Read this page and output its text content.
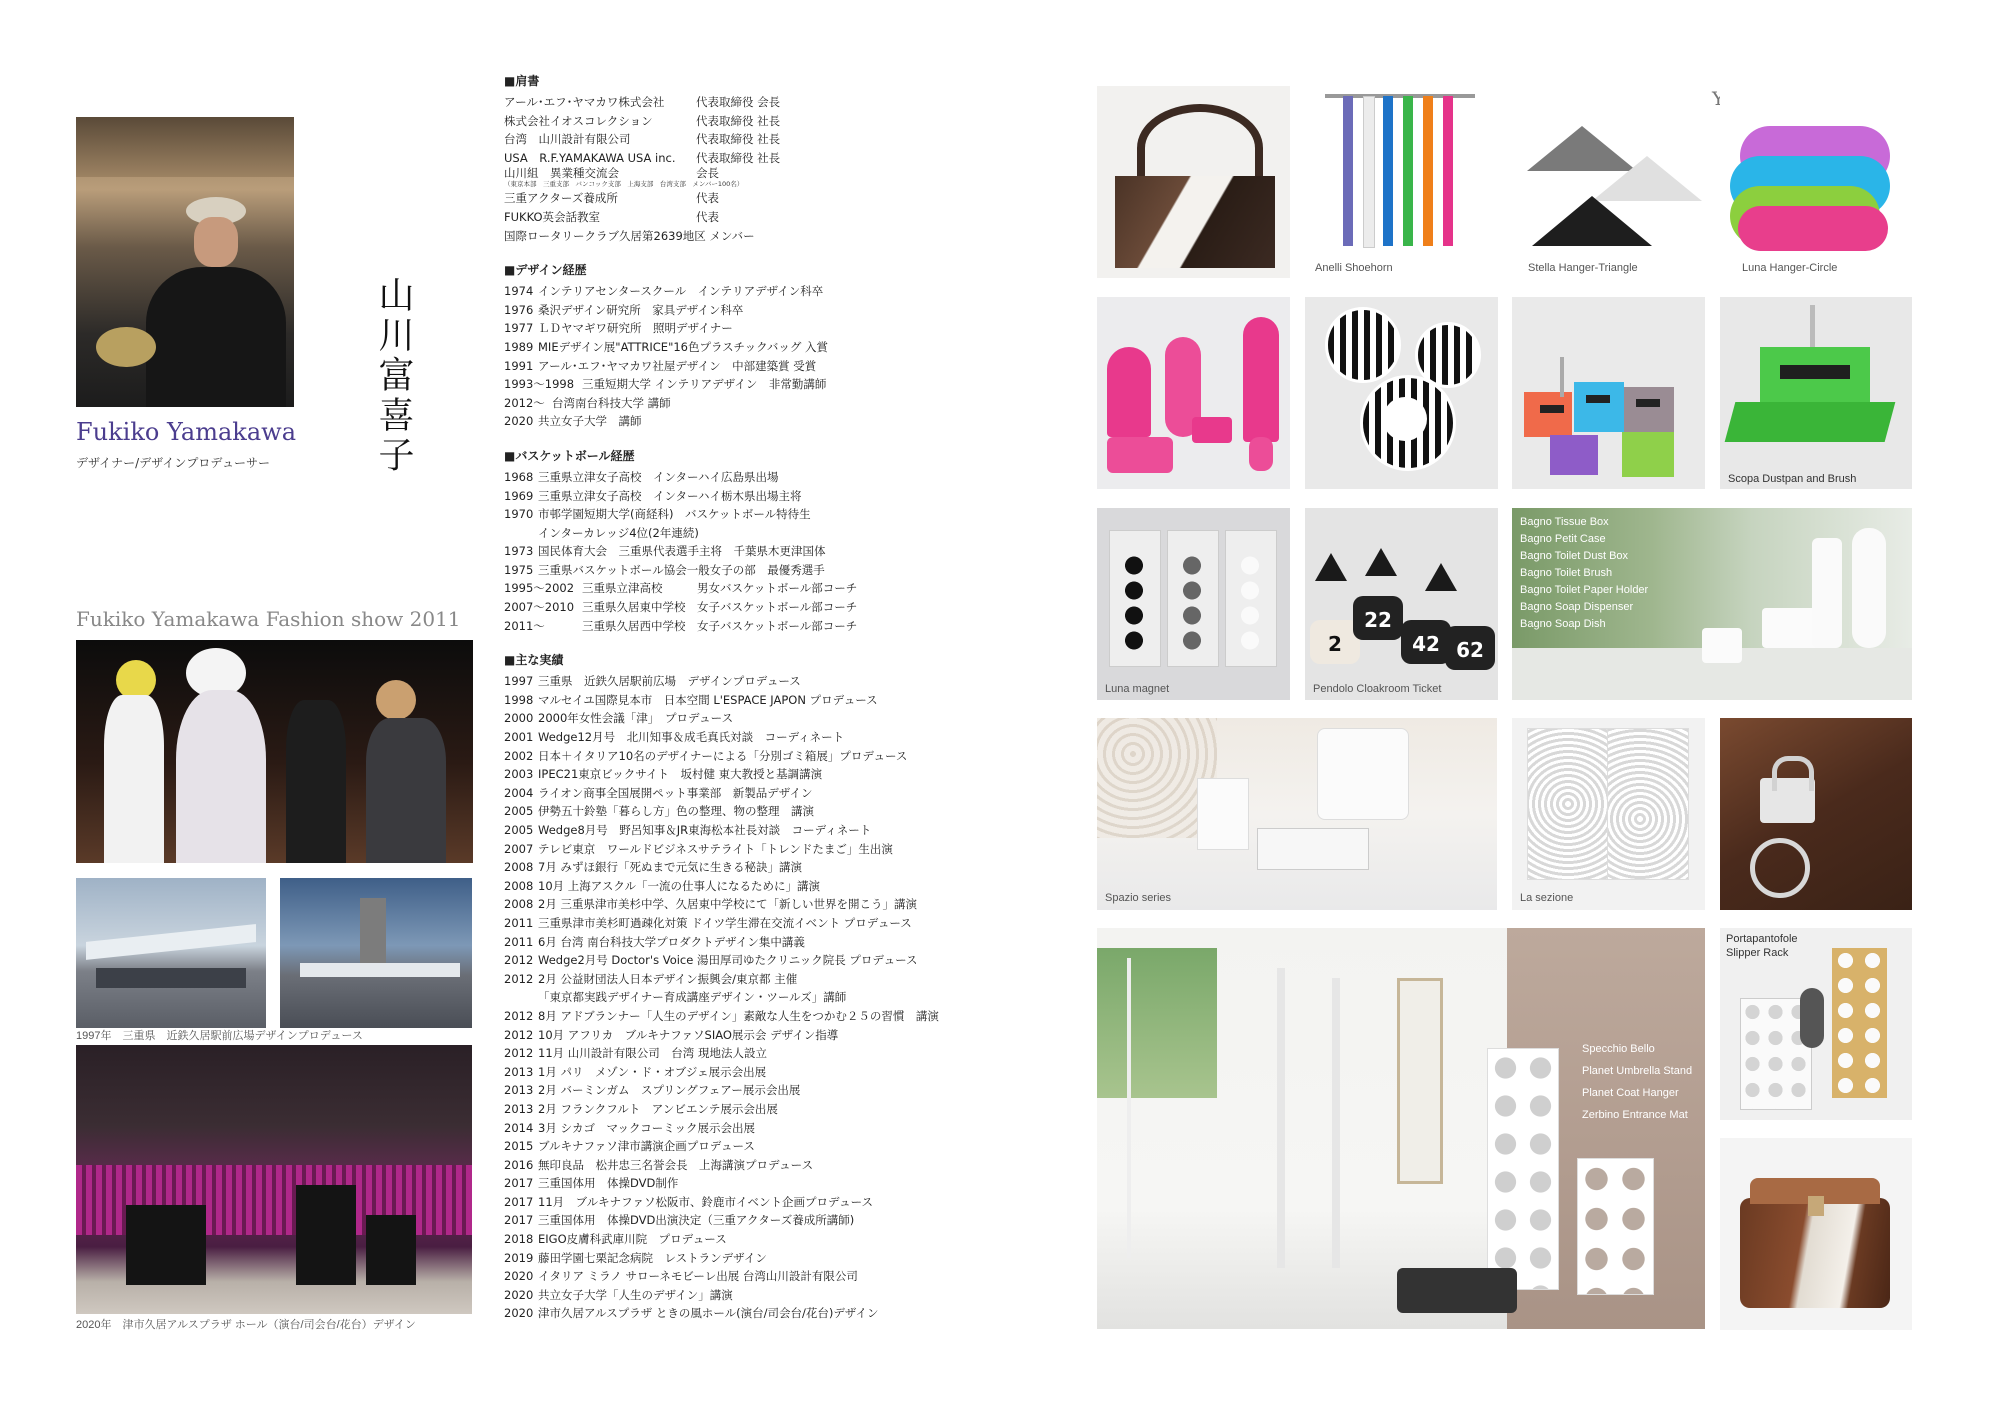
Fukiko Yamakawa
デザイナー/デザインプロデューサー	山川富喜子
Fukiko Yamakawa Fashion show 2011
1997年　三重県　近鉄久居駅前広場デザインプロデュース
2020年　津市久居アルスプラザ ホール（演台/司会台/花台）デザイン
■肩書
アール･エフ･ヤマカワ株式会社	代表取締役 会長
株式会社イオスコレクション	代表取締役 社長
台湾　山川設計有限公司	代表取締役 社長
USA　R.F.YAMAKAWA USA inc. 代表取締役 社長
山川組　異業種交流会	会長
（東京本部　三重支部　バンコック支部　上海支部　台湾支部　メンバー100名）
三重アクターズ養成所	代表
FUKKO英会話教室	代表
国際ロータリークラブ久居第2639地区 メンバー
■デザイン経歴
1974 インテリアセンタースクール　インテリアデザイン科卒
1976 桑沢デザイン研究所　家具デザイン科卒
1977 ＬＤヤマギワ研究所　照明デザイナー
1989 MIEデザイン展"ATTRICE"16色プラスチックバッグ 入賞
1991 アール･エフ･ヤマカワ社屋デザイン　中部建築賞 受賞
1993～1998 三重短期大学 インテリアデザイン　非常勤講師
2012～ 台湾南台科技大学 講師
2020 共立女子大学　講師
■バスケットボール経歴
1968 三重県立津女子高校　インターハイ広島県出場
1969 三重県立津女子高校　インターハイ栃木県出場主将
1970 市邨学園短期大学(商経科)　バスケットボール特待生
インターカレッジ4位(2年連続)
1973 国民体育大会　三重県代表選手主将　千葉県木更津国体
1975 三重県バスケットボール協会一般女子の部　最優秀選手
1995～2002 三重県立津高校　　　男女バスケットボール部コーチ
2007～2010 三重県久居東中学校　女子バスケットボール部コーチ
2011～	三重県久居西中学校　女子バスケットボール部コーチ
■主な実績
1997 三重県　近鉄久居駅前広場　デザインプロデュース
1998 マルセイユ国際見本市　日本空間 L'ESPACE JAPON プロデュース
2000 2000年女性会議「津」　プロデュース
2001 Wedge12月号　北川知事＆成毛真氏対談　コーディネート
2002 日本＋イタリア10名のデザイナーによる「分別ゴミ箱展」プロデュース
2003 IPEC21東京ビックサイト　坂村健 東大教授と基調講演
2004 ライオン商事全国展開ペット事業部　新製品デザイン
2005 伊勢五十鈴塾「暮らし方」色の整理、物の整理　講演
2005 Wedge8月号　野呂知事＆JR東海松本社長対談　コーディネート
2007 テレビ東京　ワールドビジネスサテライト「トレンドたまご」生出演
2008 7月 みずほ銀行「死ぬまで元気に生きる秘訣」講演
2008 10月 上海アスクル「一流の仕事人になるために」講演
2008 2月 三重県津市美杉中学、久居東中学校にて「新しい世界を開こう」講演
2011 三重県津市美杉町過疎化対策 ドイツ学生滞在交流イベント プロデュース
2011 6月 台湾 南台科技大学プロダクトデザイン集中講義
2012 Wedge2月号 Doctor's Voice 湯田厚司ゆたクリニック院長 プロデュース
2012 2月 公益財団法人日本デザイン振興会/東京都 主催
「東京都実践デザイナー育成講座デザイン・ツールズ」講師
2012 8月 アドブランナー「人生のデザイン」素敵な人生をつかむ２５の習慣　講演
2012 10月 アフリカ　ブルキナファソSIAO展示会 デザイン指導
2012 11月 山川設計有限公司　台湾 現地法人設立
2013 1月 パリ　メゾン・ド・オブジェ展示会出展
2013 2月 バーミンガム　スプリングフェアー展示会出展
2013 2月 フランクフルト　アンビエンテ展示会出展
2014 3月 シカゴ　マックコーミック展示会出展
2015 ブルキナファソ津市講演企画プロデュース
2016 無印良品　松井忠三名誉会長　上海講演プロデュース
2017 三重国体用　体操DVD制作
2017 11月　ブルキナファソ松阪市、鈴鹿市イベント企画プロデュース
2017 三重国体用　体操DVD出演決定（三重アクターズ養成所講師)
2018 EIGO皮膚科武庫川院　プロデュース
2019 藤田学園七栗記念病院　レストランデザイン
2020 イタリア ミラノ サローネモビーレ出展 台湾山川設計有限公司
2020 共立女子大学「人生のデザイン」講演
2020 津市久居アルスプラザ ときの風ホール(演台/司会台/花台)デザイン
Anelli Shoehorn	Stella Hanger-Triangle	Luna Hanger-Circle
Scopa Dustpan and Brush
Luna magnet
2
22
42 62
Pendolo Cloakroom Ticket
Bagno Tissue Box
Bagno Petit Case
Bagno Toilet Dust Box
Bagno Toilet Brush
Bagno Toilet Paper Holder
Bagno Soap Dispenser
Bagno Soap Dish
Spazio series	La sezione
Specchio Bello
Planet Umbrella Stand
Planet Coat Hanger
Zerbino Entrance Mat
Portapantofole
Slipper Rack
